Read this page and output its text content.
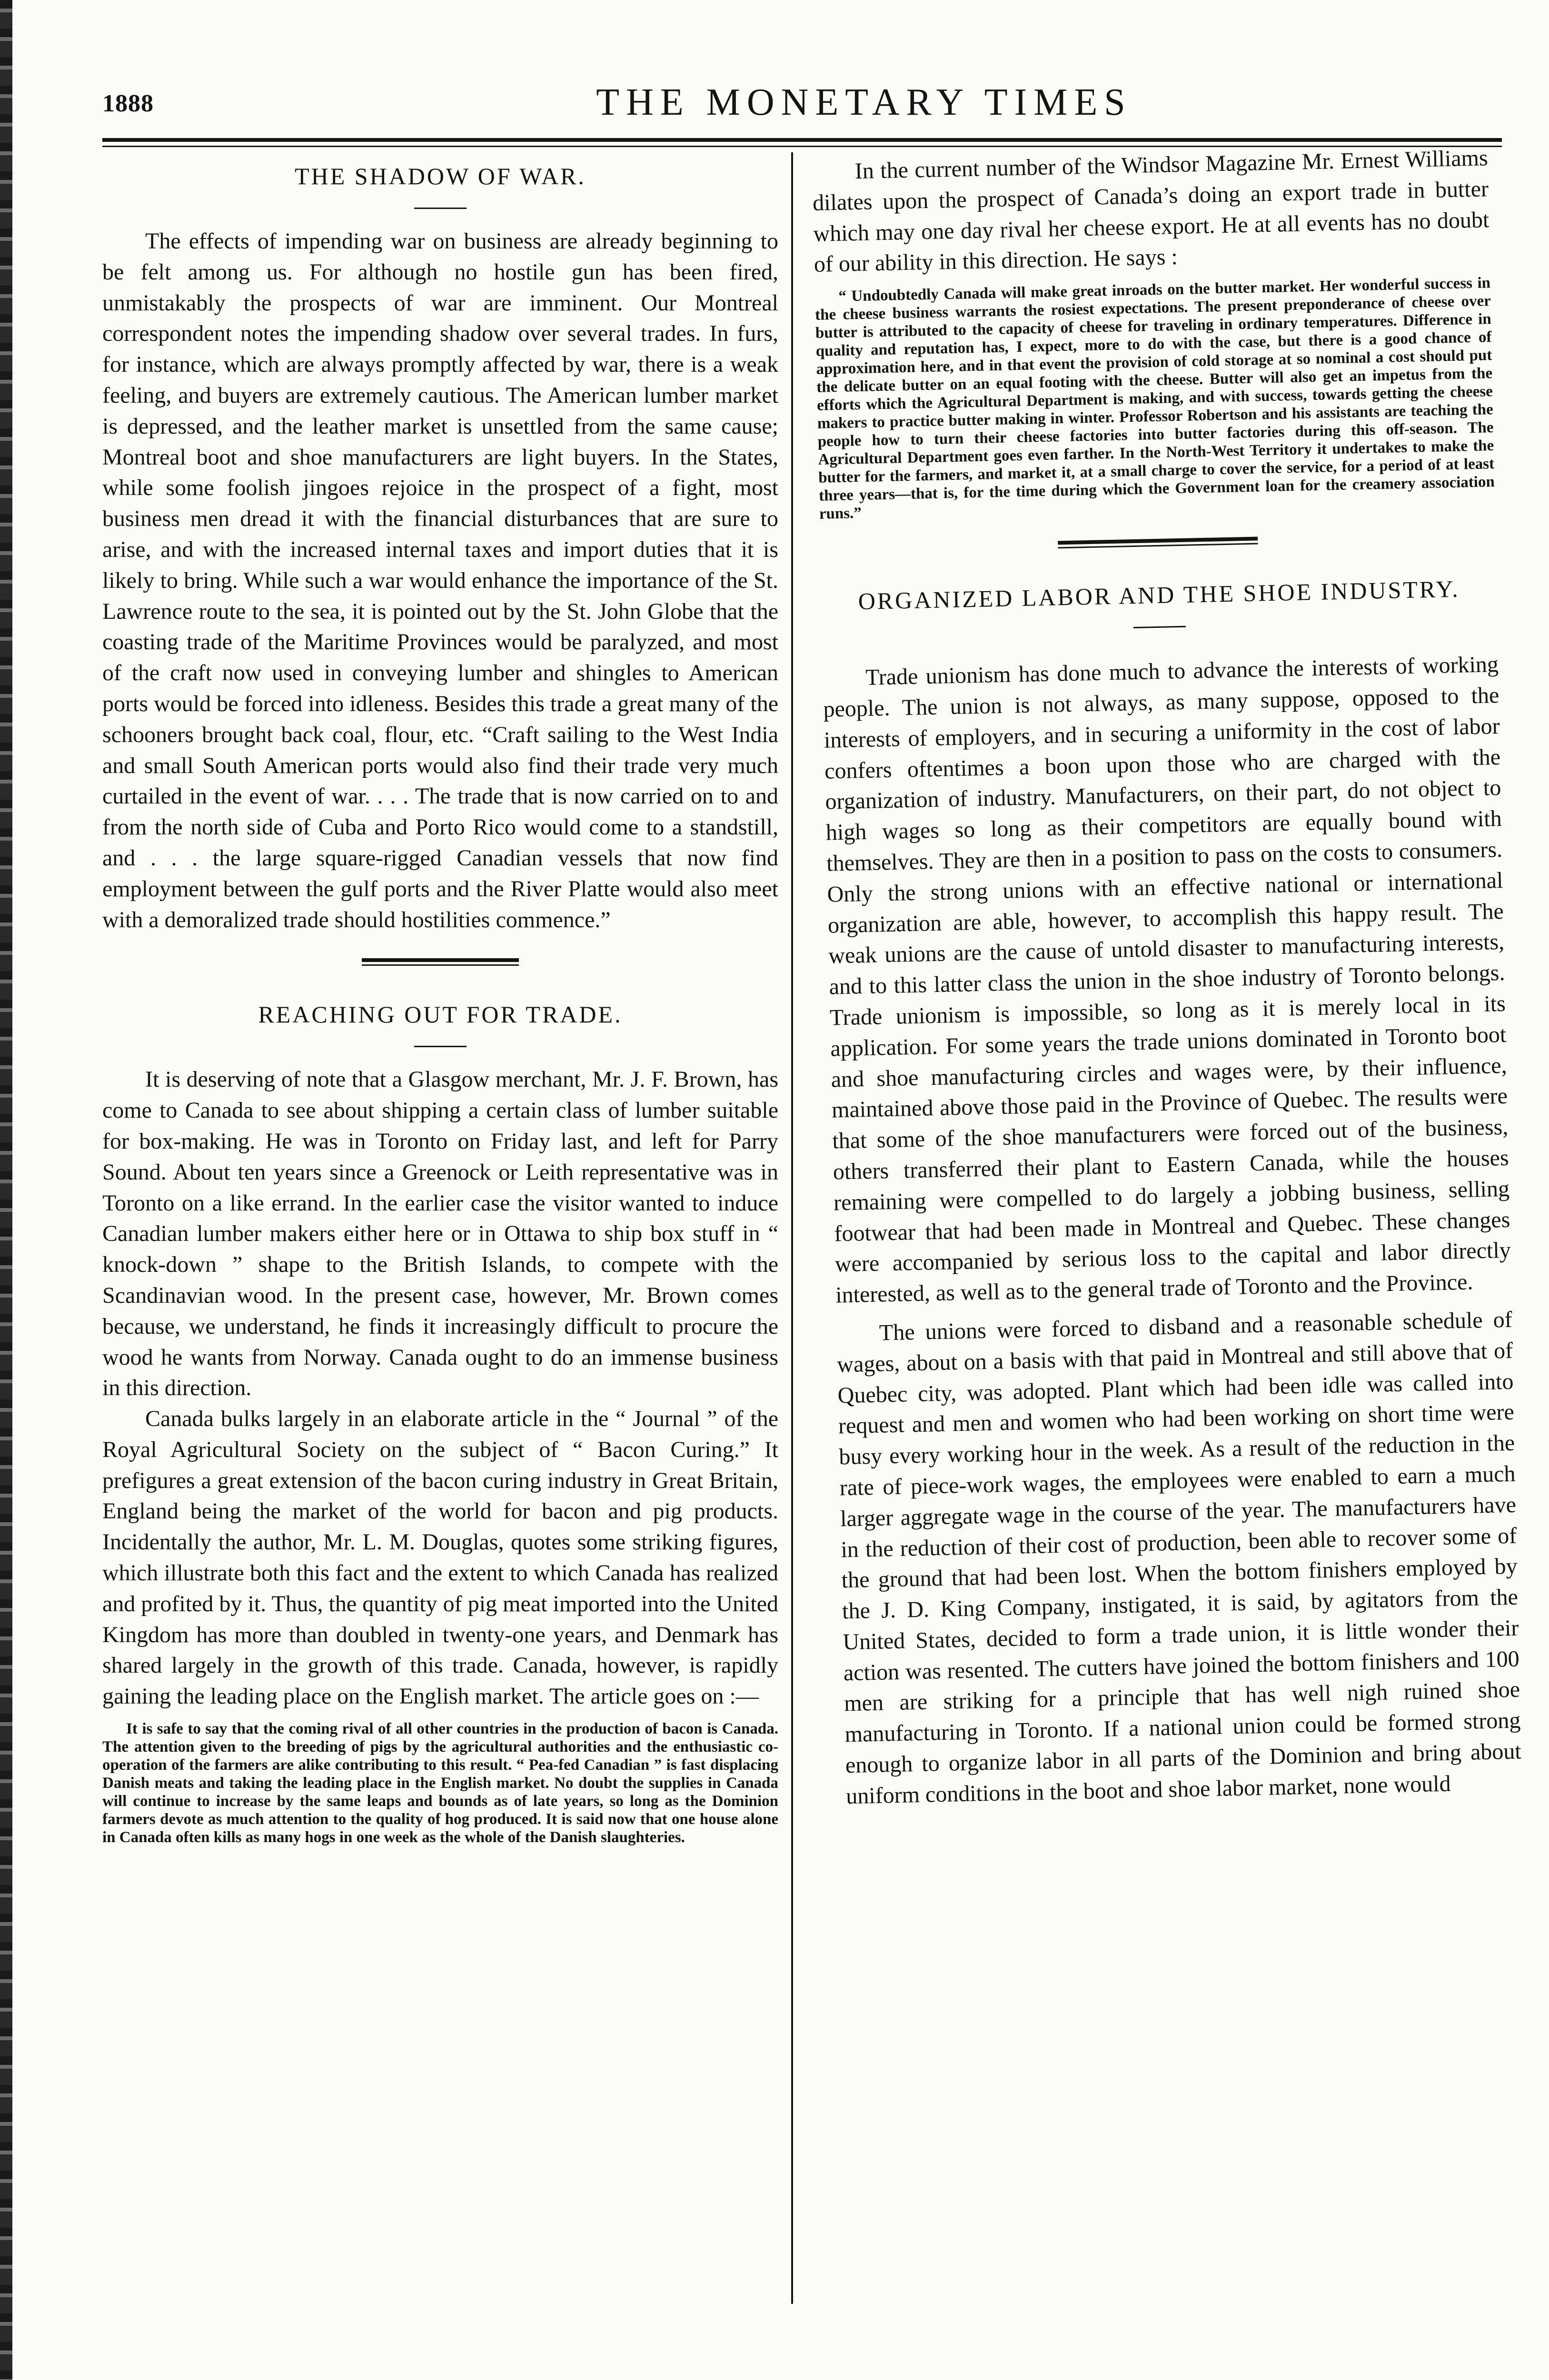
1888	THE MONETARY TIMES
THE SHADOW OF WAR.

The effects of impending war on business are already beginning to be felt among us. For although no hostile gun has been fired, unmistakably the prospects of war are imminent. Our Montreal correspondent notes the impending shadow over several trades. In furs, for instance, which are always promptly affected by war, there is a weak feeling, and buyers are extremely cautious. The American lumber market is depressed, and the leather market is unsettled from the same cause; Montreal boot and shoe manufacturers are light buyers. In the States, while some foolish jingoes rejoice in the prospect of a fight, most business men dread it with the financial disturbances that are sure to arise, and with the increased internal taxes and import duties that it is likely to bring. While such a war would enhance the importance of the St. Lawrence route to the sea, it is pointed out by the St. John Globe that the coasting trade of the Maritime Provinces would be paralyzed, and most of the craft now used in conveying lumber and shingles to American ports would be forced into idleness. Besides this trade a great many of the schooners brought back coal, flour, etc. “Craft sailing to the West India and small South American ports would also find their trade very much curtailed in the event of war. . . . The trade that is now carried on to and from the north side of Cuba and Porto Rico would come to a standstill, and . . . the large square-rigged Canadian vessels that now find employment between the gulf ports and the River Platte would also meet with a demoralized trade should hostilities commence.”

REACHING OUT FOR TRADE.

It is deserving of note that a Glasgow merchant, Mr. J. F. Brown, has come to Canada to see about shipping a certain class of lumber suitable for box-making. He was in Toronto on Friday last, and left for Parry Sound. About ten years since a Greenock or Leith representative was in Toronto on a like errand. In the earlier case the visitor wanted to induce Canadian lumber makers either here or in Ottawa to ship box stuff in “ knock-down ” shape to the British Islands, to compete with the Scandinavian wood. In the present case, however, Mr. Brown comes because, we understand, he finds it increasingly difficult to procure the wood he wants from Norway. Canada ought to do an immense business in this direction.

Canada bulks largely in an elaborate article in the “ Journal ” of the Royal Agricultural Society on the subject of “ Bacon Curing.” It prefigures a great extension of the bacon curing industry in Great Britain, England being the market of the world for bacon and pig products. Incidentally the author, Mr. L. M. Douglas, quotes some striking figures, which illustrate both this fact and the extent to which Canada has realized and profited by it. Thus, the quantity of pig meat imported into the United Kingdom has more than doubled in twenty-one years, and Denmark has shared largely in the growth of this trade. Canada, however, is rapidly gaining the leading place on the English market. The article goes on :—

It is safe to say that the coming rival of all other countries in the production of bacon is Canada. The attention given to the breeding of pigs by the agricultural authorities and the enthusiastic co-operation of the farmers are alike contributing to this result. “ Pea-fed Canadian ” is fast displacing Danish meats and taking the leading place in the English market. No doubt the supplies in Canada will continue to increase by the same leaps and bounds as of late years, so long as the Dominion farmers devote as much attention to the quality of hog produced. It is said now that one house alone in Canada often kills as many hogs in one week as the whole of the Danish slaughteries.

In the current number of the Windsor Magazine Mr. Ernest Williams dilates upon the prospect of Canada’s doing an export trade in butter which may one day rival her cheese export. He at all events has no doubt of our ability in this direction. He says :

“ Undoubtedly Canada will make great inroads on the butter market. Her wonderful success in the cheese business warrants the rosiest expectations. The present preponderance of cheese over butter is attributed to the capacity of cheese for traveling in ordinary temperatures. Difference in quality and reputation has, I expect, more to do with the case, but there is a good chance of approximation here, and in that event the provision of cold storage at so nominal a cost should put the delicate butter on an equal footing with the cheese. Butter will also get an impetus from the efforts which the Agricultural Department is making, and with success, towards getting the cheese makers to practice butter making in winter. Professor Robertson and his assistants are teaching the people how to turn their cheese factories into butter factories during this off-season. The Agricultural Department goes even farther. In the North-West Territory it undertakes to make the butter for the farmers, and market it, at a small charge to cover the service, for a period of at least three years—that is, for the time during which the Government loan for the creamery association runs.”

ORGANIZED LABOR AND THE SHOE INDUSTRY.

Trade unionism has done much to advance the interests of working people. The union is not always, as many suppose, opposed to the interests of employers, and in securing a uniformity in the cost of labor confers oftentimes a boon upon those who are charged with the organization of industry. Manufacturers, on their part, do not object to high wages so long as their competitors are equally bound with themselves. They are then in a position to pass on the costs to consumers. Only the strong unions with an effective national or international organization are able, however, to accomplish this happy result. The weak unions are the cause of untold disaster to manufacturing interests, and to this latter class the union in the shoe industry of Toronto belongs. Trade unionism is impossible, so long as it is merely local in its application. For some years the trade unions dominated in Toronto boot and shoe manufacturing circles and wages were, by their influence, maintained above those paid in the Province of Quebec. The results were that some of the shoe manufacturers were forced out of the business, others transferred their plant to Eastern Canada, while the houses remaining were compelled to do largely a jobbing business, selling footwear that had been made in Montreal and Quebec. These changes were accompanied by serious loss to the capital and labor directly interested, as well as to the general trade of Toronto and the Province.

The unions were forced to disband and a reasonable schedule of wages, about on a basis with that paid in Montreal and still above that of Quebec city, was adopted. Plant which had been idle was called into request and men and women who had been working on short time were busy every working hour in the week. As a result of the reduction in the rate of piece-work wages, the employees were enabled to earn a much larger aggregate wage in the course of the year. The manufacturers have in the reduction of their cost of production, been able to recover some of the ground that had been lost. When the bottom finishers employed by the J. D. King Company, instigated, it is said, by agitators from the United States, decided to form a trade union, it is little wonder their action was resented. The cutters have joined the bottom finishers and 100 men are striking for a principle that has well nigh ruined shoe manufacturing in Toronto. If a national union could be formed strong enough to organize labor in all parts of the Dominion and bring about uniform conditions in the boot and shoe labor market, none would
